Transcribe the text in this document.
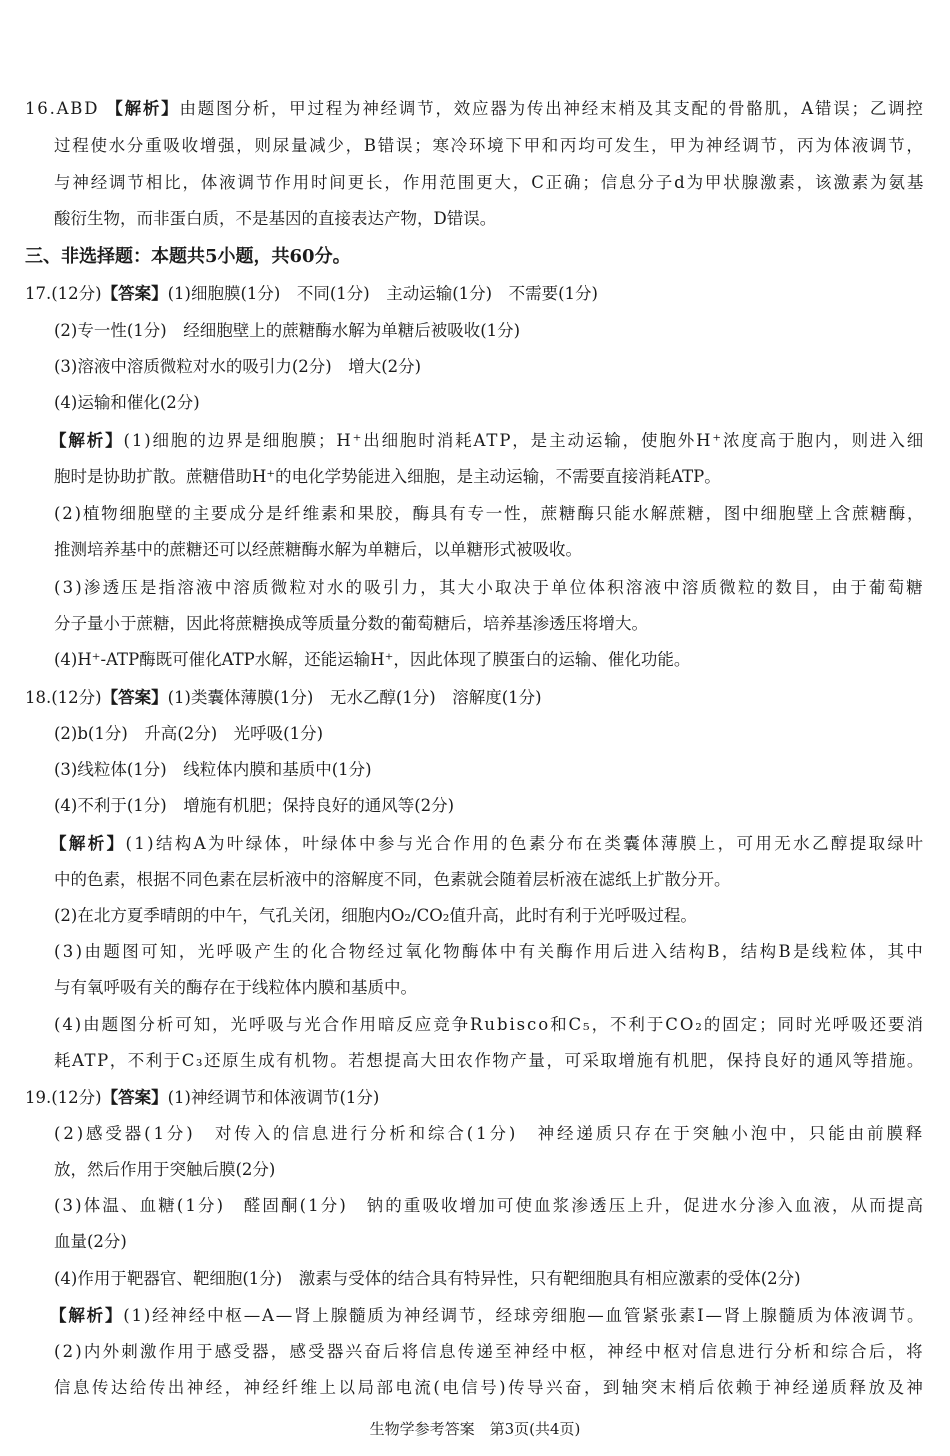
16.ABD 【解析】由题图分析，甲过程为神经调节，效应器为传出神经末梢及其支配的骨骼肌，A错误；乙调控
过程使水分重吸收增强，则尿量减少，B错误；寒冷环境下甲和丙均可发生，甲为神经调节，丙为体液调节，
与神经调节相比，体液调节作用时间更长，作用范围更大，C正确；信息分子d为甲状腺激素，该激素为氨基
酸衍生物，而非蛋白质，不是基因的直接表达产物，D错误。
三、非选择题：本题共5小题，共60分。
17.(12分)【答案】(1)细胞膜(1分)　不同(1分)　主动运输(1分)　不需要(1分)
(2)专一性(1分)　经细胞壁上的蔗糖酶水解为单糖后被吸收(1分)
(3)溶液中溶质微粒对水的吸引力(2分)　增大(2分)
(4)运输和催化(2分)
【解析】(1)细胞的边界是细胞膜；H⁺出细胞时消耗ATP，是主动运输，使胞外H⁺浓度高于胞内，则进入细
胞时是协助扩散。蔗糖借助H⁺的电化学势能进入细胞，是主动运输，不需要直接消耗ATP。
(2)植物细胞壁的主要成分是纤维素和果胶，酶具有专一性，蔗糖酶只能水解蔗糖，图中细胞壁上含蔗糖酶，
推测培养基中的蔗糖还可以经蔗糖酶水解为单糖后，以单糖形式被吸收。
(3)渗透压是指溶液中溶质微粒对水的吸引力，其大小取决于单位体积溶液中溶质微粒的数目，由于葡萄糖
分子量小于蔗糖，因此将蔗糖换成等质量分数的葡萄糖后，培养基渗透压将增大。
(4)H⁺-ATP酶既可催化ATP水解，还能运输H⁺，因此体现了膜蛋白的运输、催化功能。
18.(12分)【答案】(1)类囊体薄膜(1分)　无水乙醇(1分)　溶解度(1分)
(2)b(1分)　升高(2分)　光呼吸(1分)
(3)线粒体(1分)　线粒体内膜和基质中(1分)
(4)不利于(1分)　增施有机肥；保持良好的通风等(2分)
【解析】(1)结构A为叶绿体，叶绿体中参与光合作用的色素分布在类囊体薄膜上，可用无水乙醇提取绿叶
中的色素，根据不同色素在层析液中的溶解度不同，色素就会随着层析液在滤纸上扩散分开。
(2)在北方夏季晴朗的中午，气孔关闭，细胞内O₂/CO₂值升高，此时有利于光呼吸过程。
(3)由题图可知，光呼吸产生的化合物经过氧化物酶体中有关酶作用后进入结构B，结构B是线粒体，其中
与有氧呼吸有关的酶存在于线粒体内膜和基质中。
(4)由题图分析可知，光呼吸与光合作用暗反应竞争Rubisco和C₅，不利于CO₂的固定；同时光呼吸还要消
耗ATP，不利于C₃还原生成有机物。若想提高大田农作物产量，可采取增施有机肥，保持良好的通风等措施。
19.(12分)【答案】(1)神经调节和体液调节(1分)
(2)感受器(1分)　对传入的信息进行分析和综合(1分)　神经递质只存在于突触小泡中，只能由前膜释
放，然后作用于突触后膜(2分)
(3)体温、血糖(1分)　醛固酮(1分)　钠的重吸收增加可使血浆渗透压上升，促进水分渗入血液，从而提高
血量(2分)
(4)作用于靶器官、靶细胞(1分)　激素与受体的结合具有特异性，只有靶细胞具有相应激素的受体(2分)
【解析】(1)经神经中枢—A—肾上腺髓质为神经调节，经球旁细胞—血管紧张素Ⅰ—肾上腺髓质为体液调节。
(2)内外刺激作用于感受器，感受器兴奋后将信息传递至神经中枢，神经中枢对信息进行分析和综合后，将
信息传达给传出神经，神经纤维上以局部电流(电信号)传导兴奋，到轴突末梢后依赖于神经递质释放及神
生物学参考答案　第3页(共4页)
